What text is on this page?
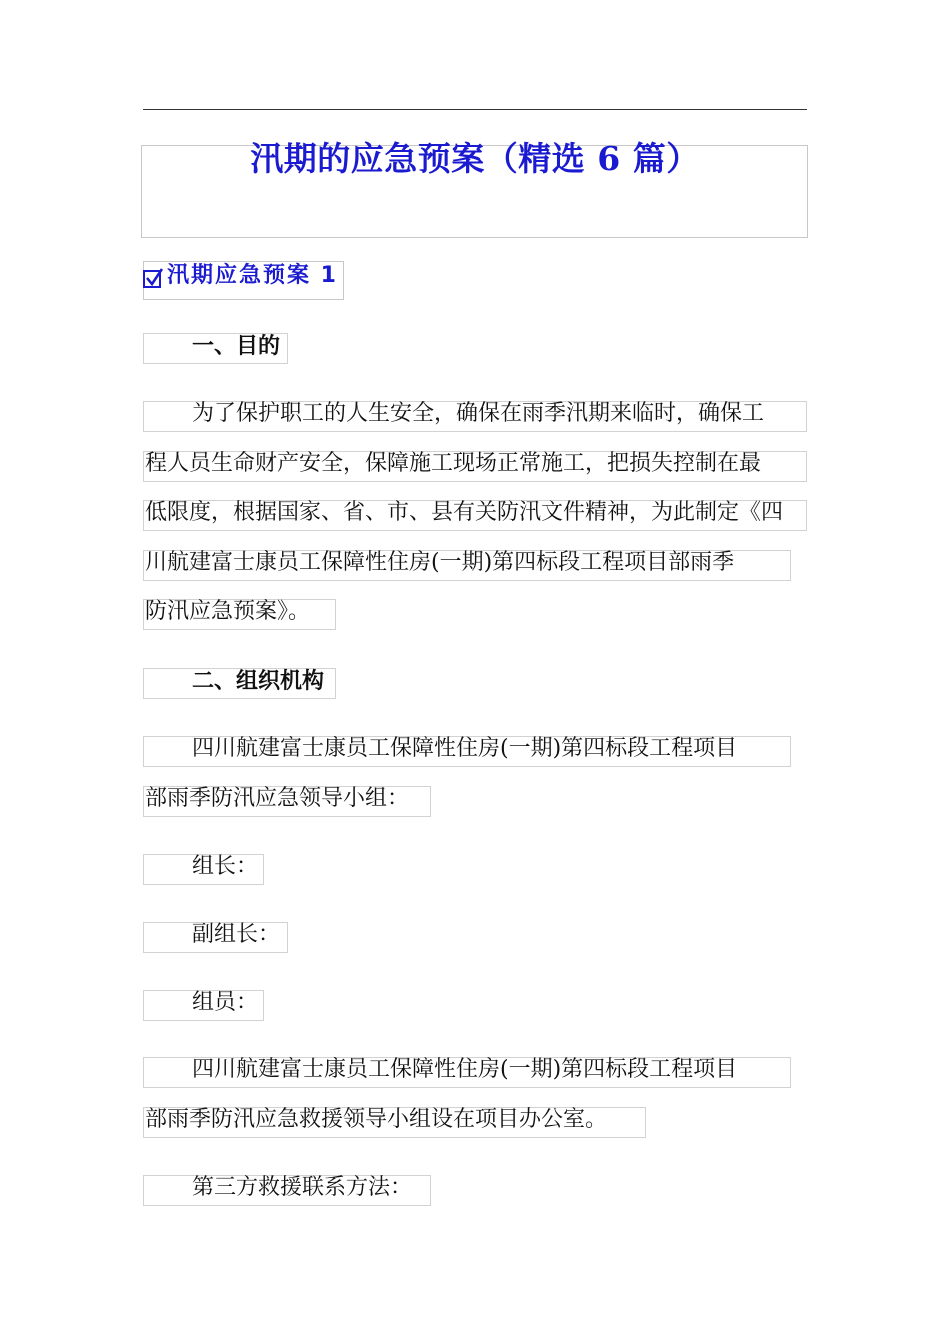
汛期的应急预案（精选 6 篇）
汛期应急预案 1
一、目的
为了保护职工的人生安全，确保在雨季汛期来临时，确保工
程人员生命财产安全，保障施工现场正常施工，把损失控制在最
低限度，根据国家、省、市、县有关防汛文件精神，为此制定《四
川航建富士康员工保障性住房(一期)第四标段工程项目部雨季
防汛应急预案》。
二、组织机构
四川航建富士康员工保障性住房(一期)第四标段工程项目
部雨季防汛应急领导小组：
组长：
副组长：
组员：
四川航建富士康员工保障性住房(一期)第四标段工程项目
部雨季防汛应急救援领导小组设在项目办公室。
第三方救援联系方法：
